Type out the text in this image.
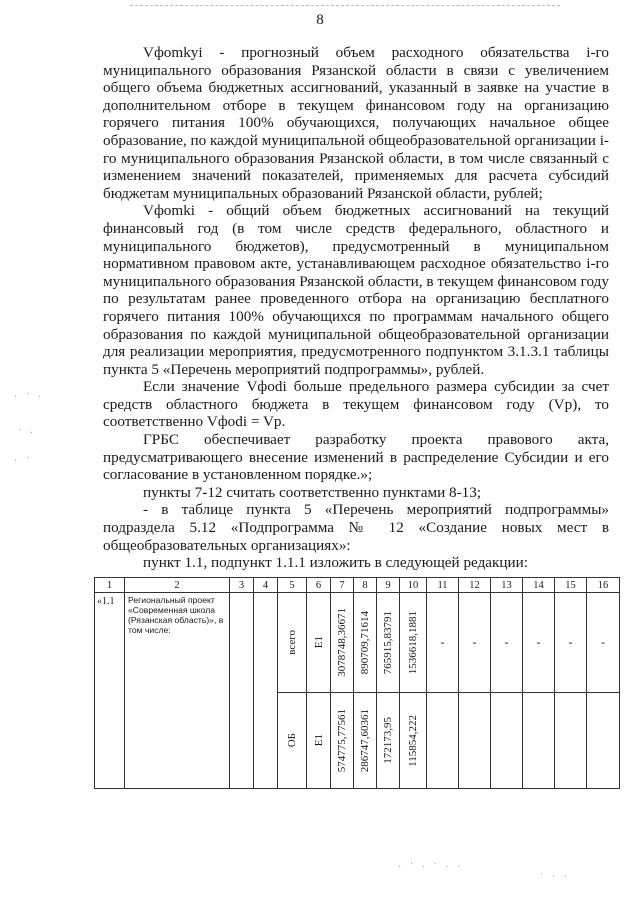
8

Vфomkyi - прогнозный объем расходного обязательства i-го муниципального образования Рязанской области в связи с увеличением общего объема бюджетных ассигнований, указанный в заявке на участие в дополнительном отборе в текущем финансовом году на организацию горячего питания 100% обучающихся, получающих начальное общее образование, по каждой муниципальной общеобразовательной организации i-го муниципального образования Рязанской области, в том числе связанный с изменением значений показателей, применяемых для расчета субсидий бюджетам муниципальных образований Рязанской области, рублей;

Vфomki - общий объем бюджетных ассигнований на текущий финансовый год (в том числе средств федерального, областного и муниципального бюджетов), предусмотренный в муниципальном нормативном правовом акте, устанавливающем расходное обязательство i-го муниципального образования Рязанской области, в текущем финансовом году по результатам ранее проведенного отбора на организацию бесплатного горячего питания 100% обучающихся по программам начального общего образования по каждой муниципальной общеобразовательной организации для реализации мероприятия, предусмотренного подпунктом 3.1.3.1 таблицы пункта 5 «Перечень мероприятий подпрограммы», рублей.

Если значение Vфodi больше предельного размера субсидии за счет средств областного бюджета в текущем финансовом году (Vp), то соответственно Vфodi = Vp.

ГРБС обеспечивает разработку проекта правового акта, предусматривающего внесение изменений в распределение Субсидии и его согласование в установленном порядке.»;

пункты 7-12 считать соответственно пунктами 8-13;

- в таблице пункта 5 «Перечень мероприятий подпрограммы» подраздела 5.12 «Подпрограмма № 12 «Создание новых мест в общеобразовательных организациях»:

пункт 1.1, подпункт 1.1.1 изложить в следующей редакции:

1	2	3	4	5	6	7	8	9	10	11	12	13	14	15	16
«1.1	Региональный проект «Современная школа (Рязанская область)», в том числе:			всего	E1	3078748,36671	890709,71614	765915,83791	1536618,1881	-	-	-	-	-	-

				ОБ	E1	574775,77561	286747,60361	172173,95	115854,222						

· ˙ ·
˙ ·
· ˙
· ˙ · ˙ · ·
˙ · ·
